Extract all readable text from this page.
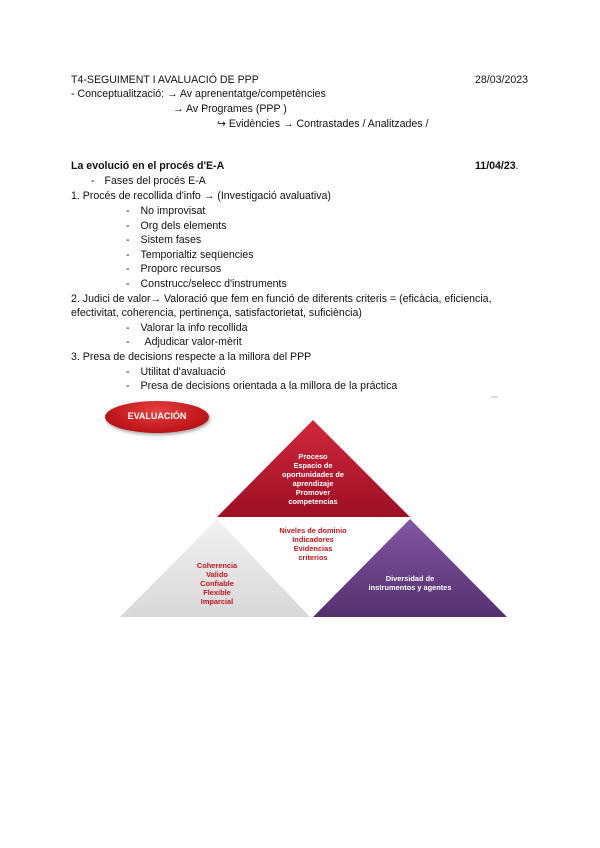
T4-SEGUIMENT I AVALUACIÓ DE PPP	28/03/2023
- Conceptualització: → Av aprenentatge/competències
→ Av Programes (PPP )
↪ Evidències → Contrastades / Analitzades /
La evolució en el procés d'E-A	11/04/23.
- Fases del procés E-A
1. Procés de recollida d'info → (Investigació avaluativa)
- No improvisat
- Org dels elements
- Sistem fases
- Temporialtiz seqüencies
- Proporc recursos
- Construcc/selecc d'instruments
2. Judici de valor→ Valoració que fem en funció de diferents criteris = (eficàcia, eficiencia,
efectivitat, coherencia, pertinença, satisfactorietat, suficiència)
- Valorar la info recollida
- Adjudicar valor-mèrit
3. Presa de decisions respecte a la millora del PPP
- Utilitat d'avaluació
- Presa de decisions orientada a la millora de la práctica
EVALUACIÓN
Proceso
Espacio de
oportunidades de
aprendizaje
Promover
competencias
Niveles de dominio
Indicadores
Evidencias
criterios
Coherencia
Valido
Confiable
Flexible
Imparcial
Diversidad de
instrumentos y agentes
